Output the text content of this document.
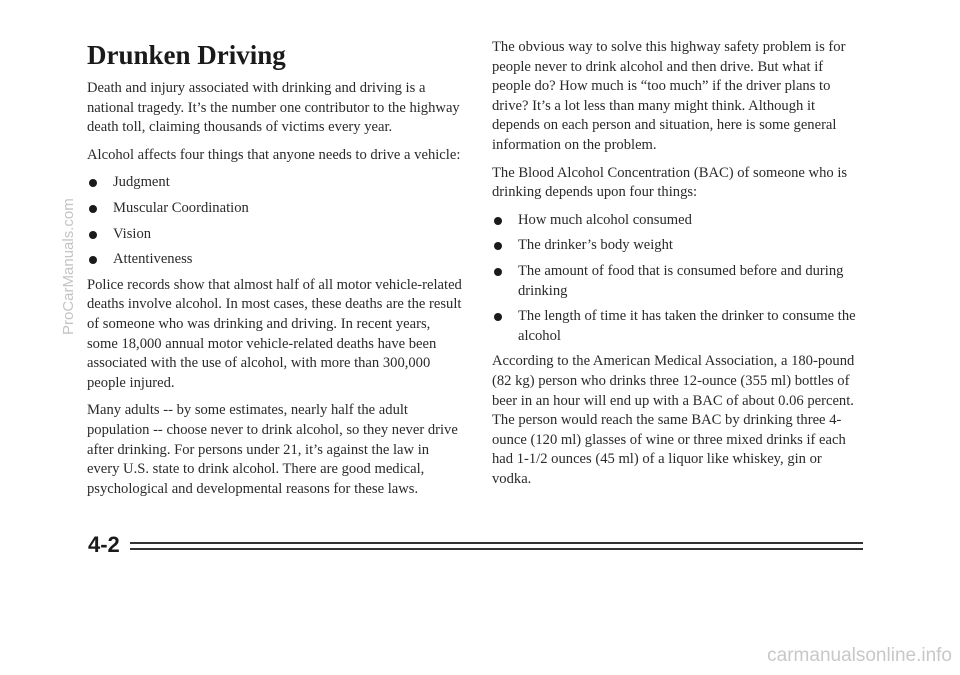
Drunken Driving

Death and injury associated with drinking and driving is a national tragedy. It’s the number one contributor to the highway death toll, claiming thousands of victims every year.

Alcohol affects four things that anyone needs to drive a vehicle:

Judgment
Muscular Coordination
Vision
Attentiveness

Police records show that almost half of all motor vehicle-related deaths involve alcohol. In most cases, these deaths are the result of someone who was drinking and driving. In recent years, some 18,000 annual motor vehicle-related deaths have been associated with the use of alcohol, with more than 300,000 people injured.

Many adults -- by some estimates, nearly half the adult population -- choose never to drink alcohol, so they never drive after drinking. For persons under 21, it’s against the law in every U.S. state to drink alcohol. There are good medical, psychological and developmental reasons for these laws.

The obvious way to solve this highway safety problem is for people never to drink alcohol and then drive. But what if people do? How much is “too much” if the driver plans to drive? It’s a lot less than many might think. Although it depends on each person and situation, here is some general information on the problem.

The Blood Alcohol Concentration (BAC) of someone who is drinking depends upon four things:

How much alcohol consumed
The drinker’s body weight
The amount of food that is consumed before and during drinking
The length of time it has taken the drinker to consume the alcohol

According to the American Medical Association, a 180-pound (82 kg) person who drinks three 12-ounce (355 ml) bottles of beer in an hour will end up with a BAC of about 0.06 percent. The person would reach the same BAC by drinking three 4-ounce (120 ml) glasses of wine or three mixed drinks if each had 1-1/2 ounces (45 ml) of a liquor like whiskey, gin or vodka.

4-2
ProCarManuals.com
carmanualsonline.info
